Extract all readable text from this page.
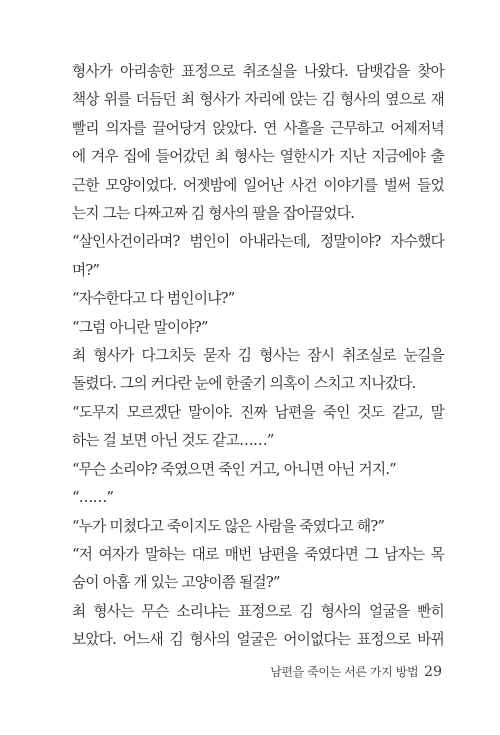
형사가 아리송한 표정으로 취조실을 나왔다. 담뱃갑을 찾아
책상 위를 더듬던 최 형사가 자리에 앉는 김 형사의 옆으로 재
빨리 의자를 끌어당겨 앉았다. 연 사흘을 근무하고 어제저녁
에 겨우 집에 들어갔던 최 형사는 열한시가 지난 지금에야 출
근한 모양이었다. 어젯밤에 일어난 사건 이야기를 벌써 들었
는지 그는 다짜고짜 김 형사의 팔을 잡아끌었다.

“살인사건이라며? 범인이 아내라는데, 정말이야? 자수했다
며?”

“자수한다고 다 범인이냐?”

“그럼 아니란 말이야?”

최 형사가 다그치듯 묻자 김 형사는 잠시 취조실로 눈길을
돌렸다. 그의 커다란 눈에 한줄기 의혹이 스치고 지나갔다.

“도무지 모르겠단 말이야. 진짜 남편을 죽인 것도 같고, 말
하는 걸 보면 아닌 것도 같고……”

“무슨 소리야? 죽였으면 죽인 거고, 아니면 아닌 거지.”

“……”

“누가 미쳤다고 죽이지도 않은 사람을 죽였다고 해?”

“저 여자가 말하는 대로 매번 남편을 죽였다면 그 남자는 목
숨이 아홉 개 있는 고양이쯤 될걸?”

최 형사는 무슨 소리냐는 표정으로 김 형사의 얼굴을 빤히
보았다. 어느새 김 형사의 얼굴은 어이없다는 표정으로 바뀌

남편을 죽이는 서른 가지 방법 29
